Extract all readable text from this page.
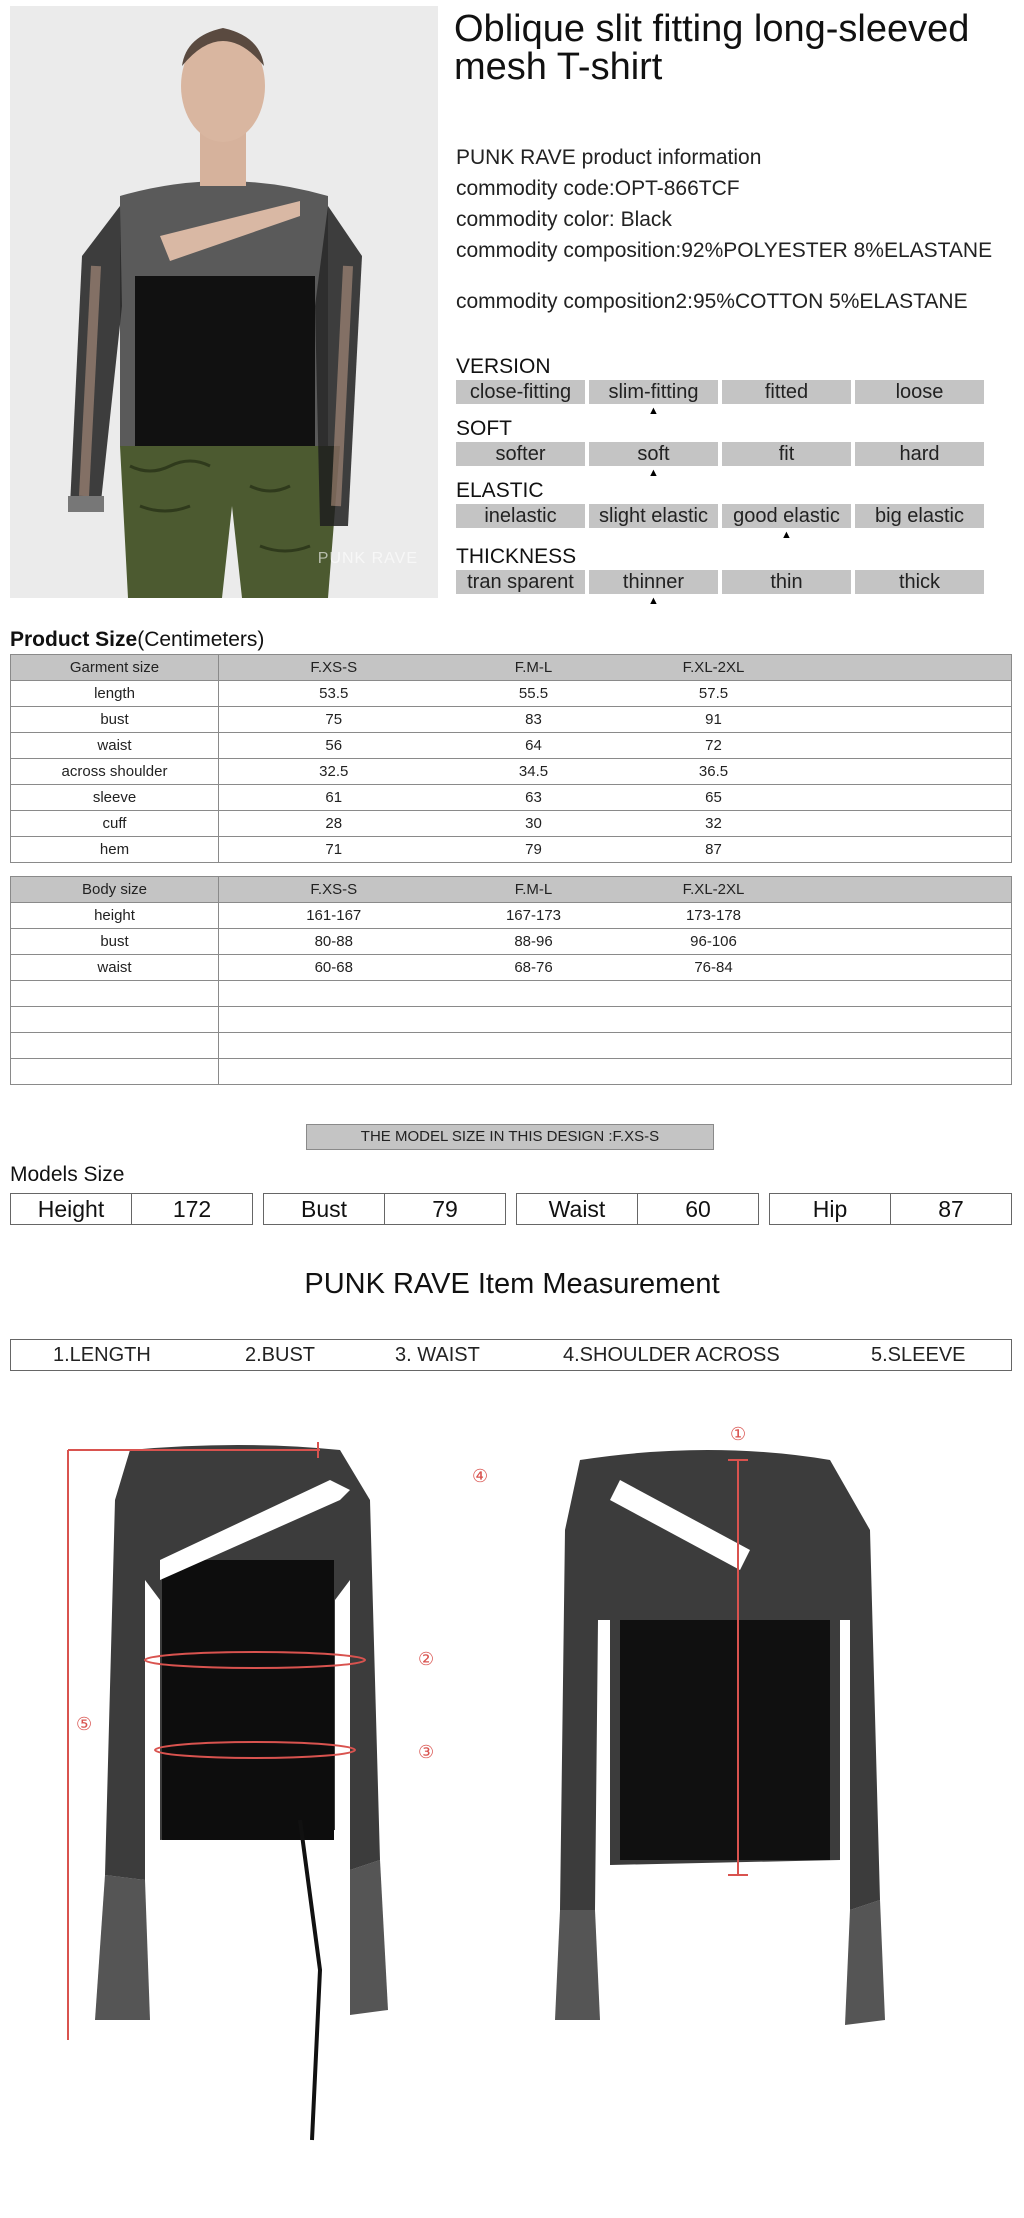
PUNK RAVE
Oblique slit fitting long-sleeved
mesh T-shirt
PUNK RAVE product information
commodity code:OPT-866TCF
commodity color: Black
commodity composition:92%POLYESTER 8%ELASTANE
commodity composition2:95%COTTON 5%ELASTANE
VERSION
close-fitting	slim-fitting	fitted	loose
▲
SOFT
softer	soft	fit	hard
▲
ELASTIC
inelastic	slight elastic	good elastic	big elastic
▲
THICKNESS
tran sparent	thinner	thin	thick
▲
Product Size(Centimeters)
Garment size	F.XS-S	F.M-L	F.XL-2XL	
length	53.5	55.5	57.5	
bust	75	83	91	
waist	56	64	72	
across shoulder	32.5	34.5	36.5	
sleeve	61	63	65	
cuff	28	30	32	
hem	71	79	87	
Body size	F.XS-S	F.M-L	F.XL-2XL	
height	161-167	167-173	173-178	
bust	80-88	88-96	96-106	
waist	60-68	68-76	76-84	

THE MODEL SIZE IN THIS DESIGN :F.XS-S
Models Size
Height	172	Bust	79	Waist	60	Hip	87
PUNK RAVE Item Measurement
1.LENGTH	2.BUST	3. WAIST	4.SHOULDER ACROSS	5.SLEEVE
①
②
③
④
⑤
